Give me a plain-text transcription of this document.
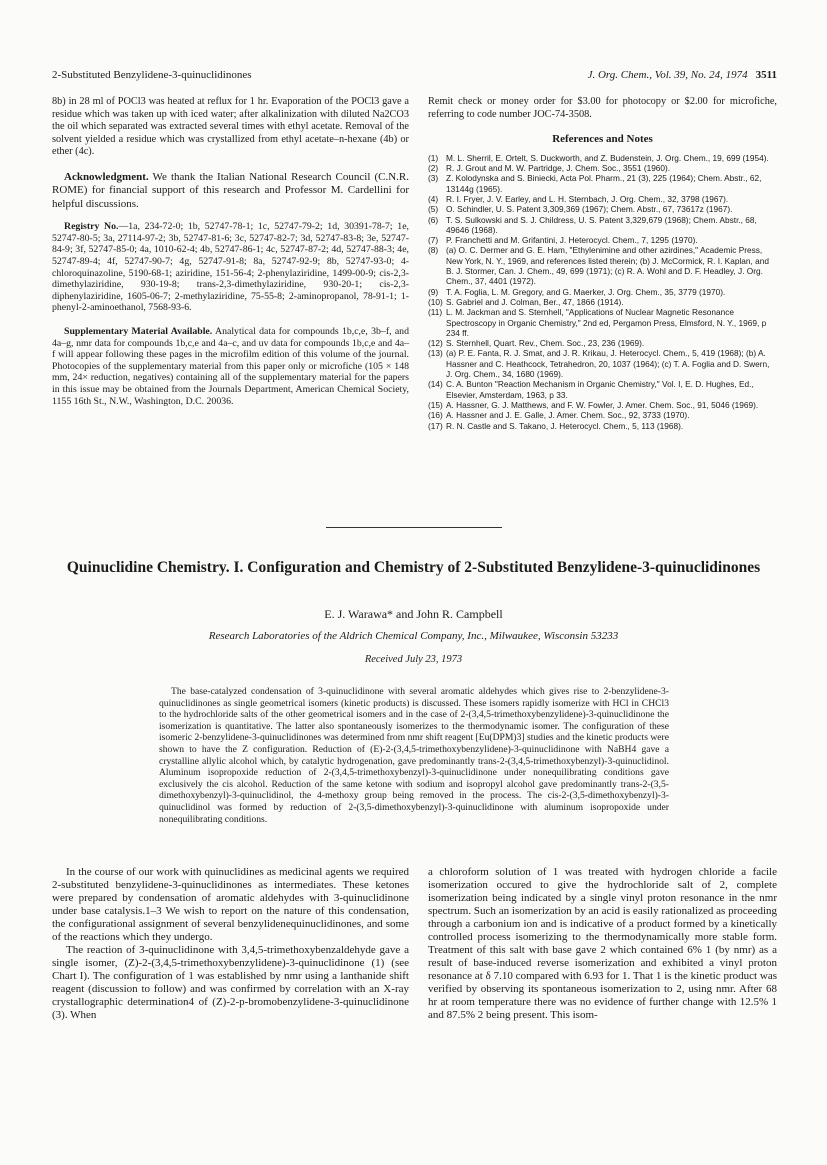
2-Substituted Benzylidene-3-quinuclidinones	J. Org. Chem., Vol. 39, No. 24, 1974 3511

8b) in 28 ml of POCl3 was heated at reflux for 1 hr. Evaporation of the POCl3 gave a residue which was taken up with iced water; after alkalinization with diluted Na2CO3 the oil which separated was extracted several times with ethyl acetate. Removal of the solvent yielded a residue which was crystallized from ethyl acetate–n-hexane (4b) or ether (4c).

Acknowledgment. We thank the Italian National Research Council (C.N.R. ROME) for financial support of this research and Professor M. Cardellini for helpful discussions.

Registry No.—1a, 234-72-0; 1b, 52747-78-1; 1c, 52747-79-2; 1d, 30391-78-7; 1e, 52747-80-5; 3a, 27114-97-2; 3b, 52747-81-6; 3c, 52747-82-7; 3d, 52747-83-8; 3e, 52747-84-9; 3f, 52747-85-0; 4a, 1010-62-4; 4b, 52747-86-1; 4c, 52747-87-2; 4d, 52747-88-3; 4e, 52747-89-4; 4f, 52747-90-7; 4g, 52747-91-8; 8a, 52747-92-9; 8b, 52747-93-0; 4-chloroquinazoline, 5190-68-1; aziridine, 151-56-4; 2-phenylaziridine, 1499-00-9; cis-2,3-dimethylaziridine, 930-19-8; trans-2,3-dimethylaziridine, 930-20-1; cis-2,3-diphenylaziridine, 1605-06-7; 2-methylaziridine, 75-55-8; 2-aminopropanol, 78-91-1; 1-phenyl-2-aminoethanol, 7568-93-6.

Supplementary Material Available. Analytical data for compounds 1b,c,e, 3b–f, and 4a–g, nmr data for compounds 1b,c,e and 4a–c, and uv data for compounds 1b,c,e and 4a–f will appear following these pages in the microfilm edition of this volume of the journal. Photocopies of the supplementary material from this paper only or microfiche (105 × 148 mm, 24× reduction, negatives) containing all of the supplementary material for the papers in this issue may be obtained from the Journals Department, American Chemical Society, 1155 16th St., N.W., Washington, D.C. 20036.

Remit check or money order for $3.00 for photocopy or $2.00 for microfiche, referring to code number JOC-74-3508.

References and Notes
(1) M. L. Sherril, E. Ortelt, S. Duckworth, and Z. Budenstein, J. Org. Chem., 19, 699 (1954).
(2) R. J. Grout and M. W. Partridge, J. Chem. Soc., 3551 (1960).
(3) Z. Kolodynska and S. Biniecki, Acta Pol. Pharm., 21 (3), 225 (1964); Chem. Abstr., 62, 13144g (1965).
(4) R. I. Fryer, J. V. Earley, and L. H. Sternbach, J. Org. Chem., 32, 3798 (1967).
(5) O. Schindler, U. S. Patent 3,309,369 (1967); Chem. Abstr., 67, 73617z (1967).
(6) T. S. Sulkowski and S. J. Childress, U. S. Patent 3,329,679 (1968); Chem. Abstr., 68, 49646 (1968).
(7) P. Franchetti and M. Grifantini, J. Heterocycl. Chem., 7, 1295 (1970).
(8) (a) O. C. Dermer and G. E. Ham, "Ethylenimine and other azirdines," Academic Press, New York, N. Y., 1969, and references listed therein; (b) J. McCormick, R. I. Kaplan, and B. J. Stormer, Can. J. Chem., 49, 699 (1971); (c) R. A. Wohl and D. F. Headley, J. Org. Chem., 37, 4401 (1972).
(9) T. A. Foglia, L. M. Gregory, and G. Maerker, J. Org. Chem., 35, 3779 (1970).
(10) S. Gabriel and J. Colman, Ber., 47, 1866 (1914).
(11) L. M. Jackman and S. Sternhell, "Applications of Nuclear Magnetic Resonance Spectroscopy in Organic Chemistry," 2nd ed, Pergamon Press, Elmsford, N. Y., 1969, p 234 ff.
(12) S. Sternhell, Quart. Rev., Chem. Soc., 23, 236 (1969).
(13) (a) P. E. Fanta, R. J. Smat, and J. R. Krikau, J. Heterocycl. Chem., 5, 419 (1968); (b) A. Hassner and C. Heathcock, Tetrahedron, 20, 1037 (1964); (c) T. A. Foglia and D. Swern, J. Org. Chem., 34, 1680 (1969).
(14) C. A. Bunton "Reaction Mechanism in Organic Chemistry," Vol. I, E. D. Hughes, Ed., Elsevier, Amsterdam, 1963, p 33.
(15) A. Hassner, G. J. Matthews, and F. W. Fowler, J. Amer. Chem. Soc., 91, 5046 (1969).
(16) A. Hassner and J. E. Galle, J. Amer. Chem. Soc., 92, 3733 (1970).
(17) R. N. Castle and S. Takano, J. Heterocycl. Chem., 5, 113 (1968).
Quinuclidine Chemistry. I. Configuration and Chemistry of 2-Substituted Benzylidene-3-quinuclidinones
E. J. Warawa* and John R. Campbell
Research Laboratories of the Aldrich Chemical Company, Inc., Milwaukee, Wisconsin 53233
Received July 23, 1973

The base-catalyzed condensation of 3-quinuclidinone with several aromatic aldehydes which gives rise to 2-benzylidene-3-quinuclidinones as single geometrical isomers (kinetic products) is discussed. These isomers rapidly isomerize with HCl in CHCl3 to the hydrochloride salts of the other geometrical isomers and in the case of 2-(3,4,5-trimethoxybenzylidene)-3-quinuclidinone the isomerization is quantitative. The latter also spontaneously isomerizes to the thermodynamic isomer. The configuration of these isomeric 2-benzylidene-3-quinuclidinones was determined from nmr shift reagent [Eu(DPM)3] studies and the kinetic products were shown to have the Z configuration. Reduction of (E)-2-(3,4,5-trimethoxybenzylidene)-3-quinuclidinone with NaBH4 gave a crystalline allylic alcohol which, by catalytic hydrogenation, gave predominantly trans-2-(3,4,5-trimethoxybenzyl)-3-quinuclidinol. Aluminum isopropoxide reduction of 2-(3,4,5-trimethoxybenzyl)-3-quinuclidinone under nonequilibrating conditions gave exclusively the cis alcohol. Reduction of the same ketone with sodium and isopropyl alcohol gave predominantly trans-2-(3,5-dimethoxybenzyl)-3-quinuclidinol, the 4-methoxy group being removed in the process. The cis-2-(3,5-dimethoxybenzyl)-3-quinuclidinol was formed by reduction of 2-(3,5-dimethoxybenzyl)-3-quinuclidinone with aluminum isopropoxide under nonequilibrating conditions.

In the course of our work with quinuclidines as medicinal agents we required 2-substituted benzylidene-3-quinuclidinones as intermediates. These ketones were prepared by condensation of aromatic aldehydes with 3-quinuclidinone under base catalysis.1–3 We wish to report on the nature of this condensation, the configurational assignment of several benzylidenequinuclidinones, and some of the reactions which they undergo.

The reaction of 3-quinuclidinone with 3,4,5-trimethoxybenzaldehyde gave a single isomer, (Z)-2-(3,4,5-trimethoxybenzylidene)-3-quinuclidinone (1) (see Chart I). The configuration of 1 was established by nmr using a lanthanide shift reagent (discussion to follow) and was confirmed by correlation with an X-ray crystallographic determination4 of (Z)-2-p-bromobenzylidene-3-quinuclidinone (3). When

a chloroform solution of 1 was treated with hydrogen chloride a facile isomerization occured to give the hydrochloride salt of 2, complete isomerization being indicated by a single vinyl proton resonance in the nmr spectrum. Such an isomerization by an acid is easily rationalized as proceeding through a carbonium ion and is indicative of a product formed by a kinetically controlled process isomerizing to the thermodynamically more stable form. Treatment of this salt with base gave 2 which contained 6% 1 (by nmr) as a result of base-induced reverse isomerization and exhibited a vinyl proton resonance at δ 7.10 compared with 6.93 for 1. That 1 is the kinetic product was verified by observing its spontaneous isomerization to 2, using nmr. After 68 hr at room temperature there was no evidence of further change with 12.5% 1 and 87.5% 2 being present. This isom-
